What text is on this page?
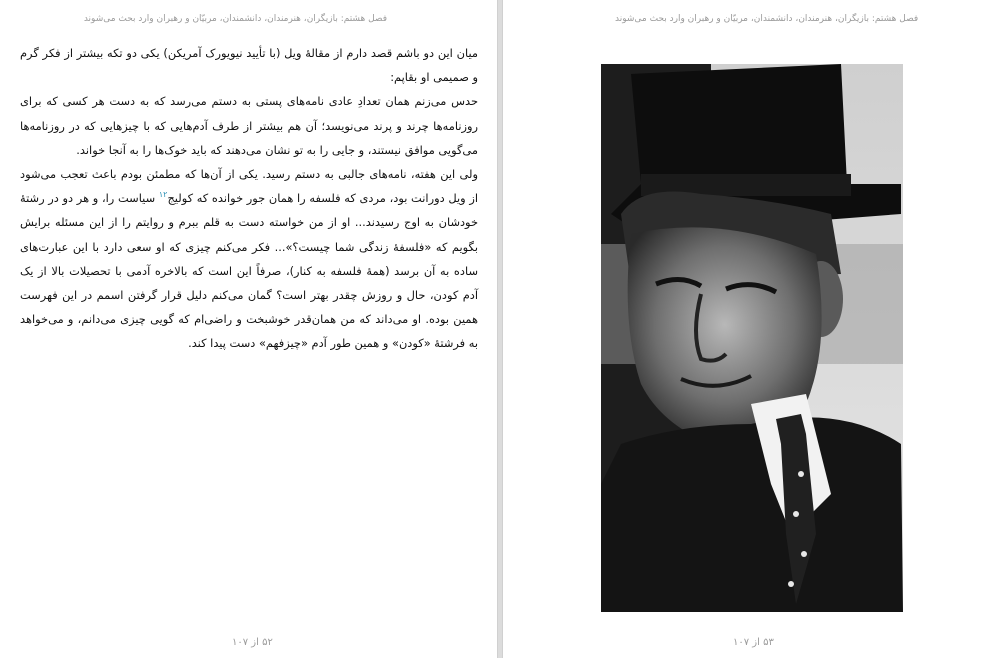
فصل هشتم: بازیگران، هنرمندان، دانشمندان، مربیّان و رهبران وارد بحث می‌شوند

میان این دو باشم قصد دارم از مقالهٔ ویل (با تأیید نیویورک آمریکن) یکی دو تکه بیشتر از فکر گرم و صمیمی او بقاپم:

حدس می‌زنم همان تعدادِ عادی نامه‌های پستی به دستم می‌رسد که به دست هر کسی که برای روزنامه‌ها چرند و پرند می‌نویسد؛ آن هم بیشتر از طرف آدم‌هایی که با چیزهایی که در روزنامه‌ها می‌گویی موافق نیستند، و جایی را به تو نشان می‌دهند که باید خوک‌ها را به آنجا خواند.

ولی این هفته، نامه‌های جالبی به دستم رسید. یکی از آن‌ها که مطمئن بودم باعث تعجب می‌شود از ویل دورانت بود، مردی که فلسفه را همان جور خوانده که کولیج$^{۱۲}$ سیاست را، و هر دو در رشتهٔ خودشان به اوج رسیدند... او از من خواسته دست به قلم ببرم و روایتم را از این مسئله برایش بگویم که «فلسفهٔ زندگی شما چیست؟»... فکر می‌کنم چیزی که او سعی دارد با این عبارت‌های ساده به آن برسد (همهٔ فلسفه به کنار)، صرفاً این است که بالاخره آدمی با تحصیلات بالا از یک آدم کودن، حال و روزش چقدر بهتر است؟ گمان می‌کنم دلیل قرار گرفتن اسمم در این فهرست همین بوده. او می‌داند که من همان‌قدر خوشبخت و راضی‌ام که گویی چیزی می‌دانم، و می‌خواهد به فرشتهٔ «کودن» و همین طور آدم «چیزفهم» دست پیدا کند.

۵۲ از ۱۰۷
فصل هشتم: بازیگران، هنرمندان، دانشمندان، مربیّان و رهبران وارد بحث می‌شوند
۵۳ از ۱۰۷
